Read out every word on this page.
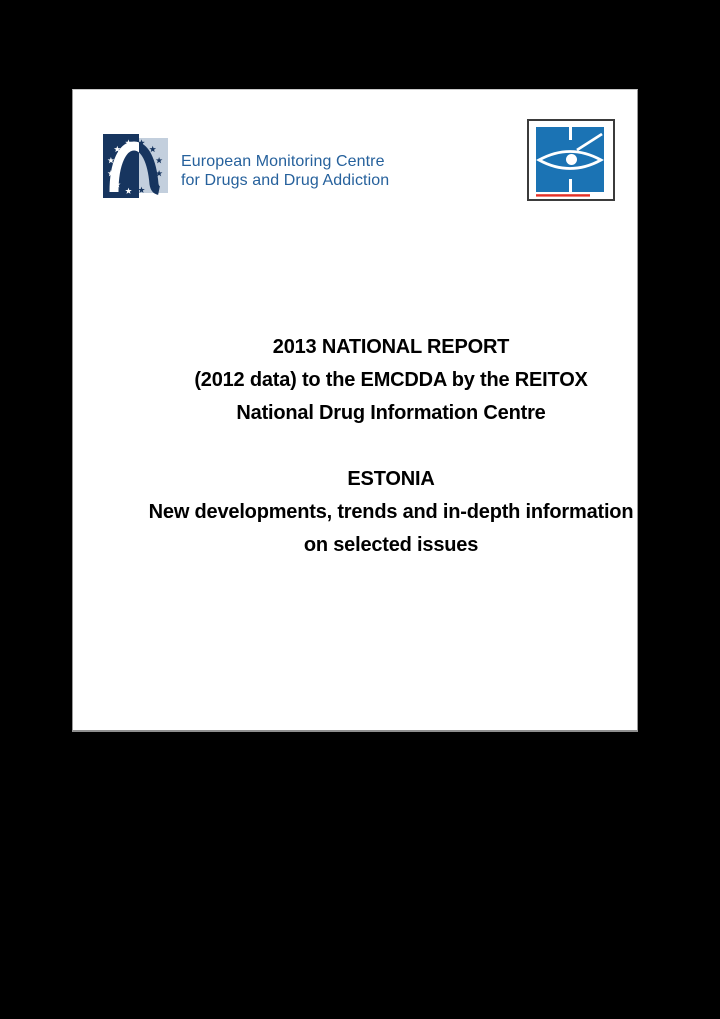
European Monitoring Centre
for Drugs and Drug Addiction
2013 NATIONAL REPORT
(2012 data) to the EMCDDA by the REITOX
National Drug Information Centre
ESTONIA
New developments, trends and in-depth information
on selected issues
